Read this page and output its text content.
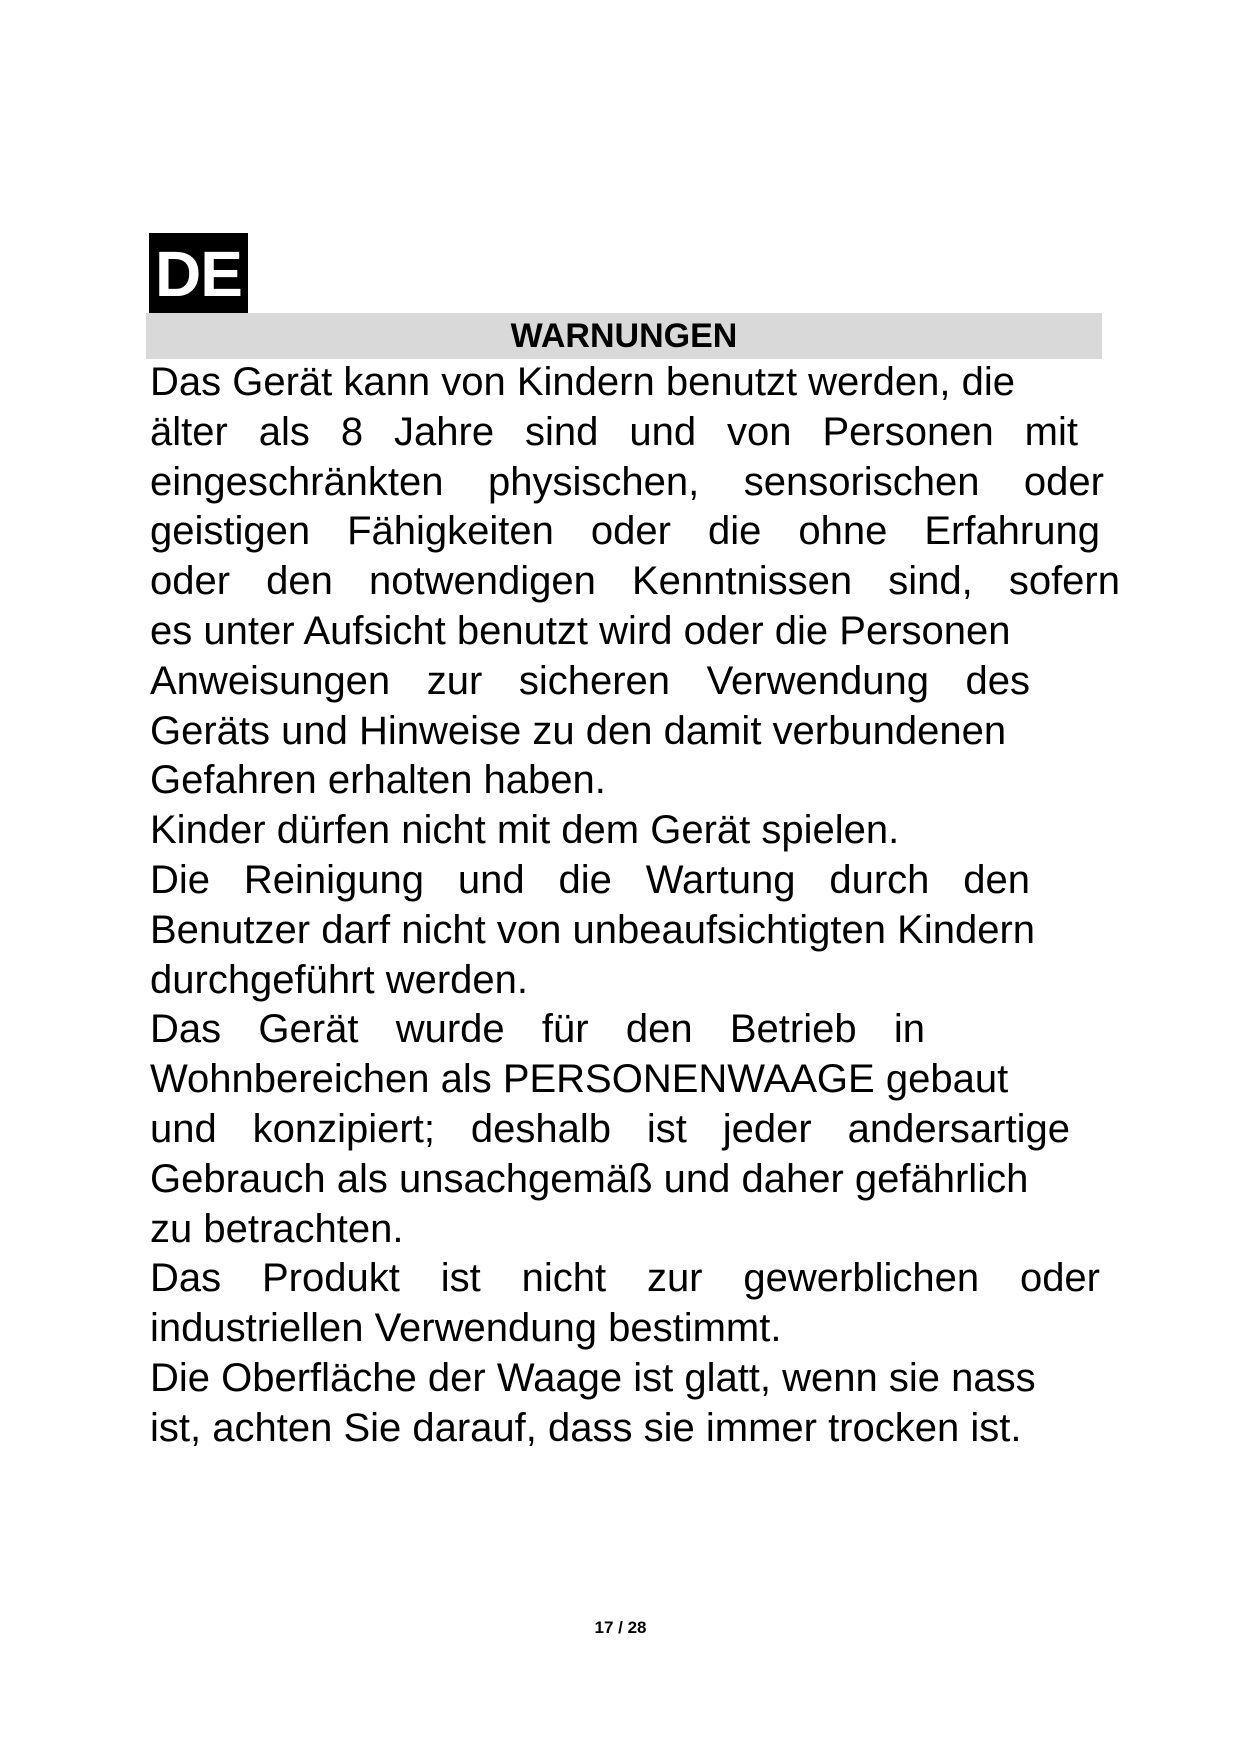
DE
WARNUNGEN
Das Gerät kann von Kindern benutzt werden, die
älter als 8 Jahre sind und von Personen mit
eingeschränkten physischen, sensorischen oder
geistigen Fähigkeiten oder die ohne Erfahrung
oder den notwendigen Kenntnissen sind, sofern
es unter Aufsicht benutzt wird oder die Personen
Anweisungen zur sicheren Verwendung des
Geräts und Hinweise zu den damit verbundenen
Gefahren erhalten haben.
Kinder dürfen nicht mit dem Gerät spielen.
Die Reinigung und die Wartung durch den
Benutzer darf nicht von unbeaufsichtigten Kindern
durchgeführt werden.
Das Gerät wurde für den Betrieb in
Wohnbereichen als PERSONENWAAGE gebaut
und konzipiert; deshalb ist jeder andersartige
Gebrauch als unsachgemäß und daher gefährlich
zu betrachten.
Das Produkt ist nicht zur gewerblichen oder
industriellen Verwendung bestimmt.
Die Oberfläche der Waage ist glatt, wenn sie nass
ist, achten Sie darauf, dass sie immer trocken ist.
17 / 28
